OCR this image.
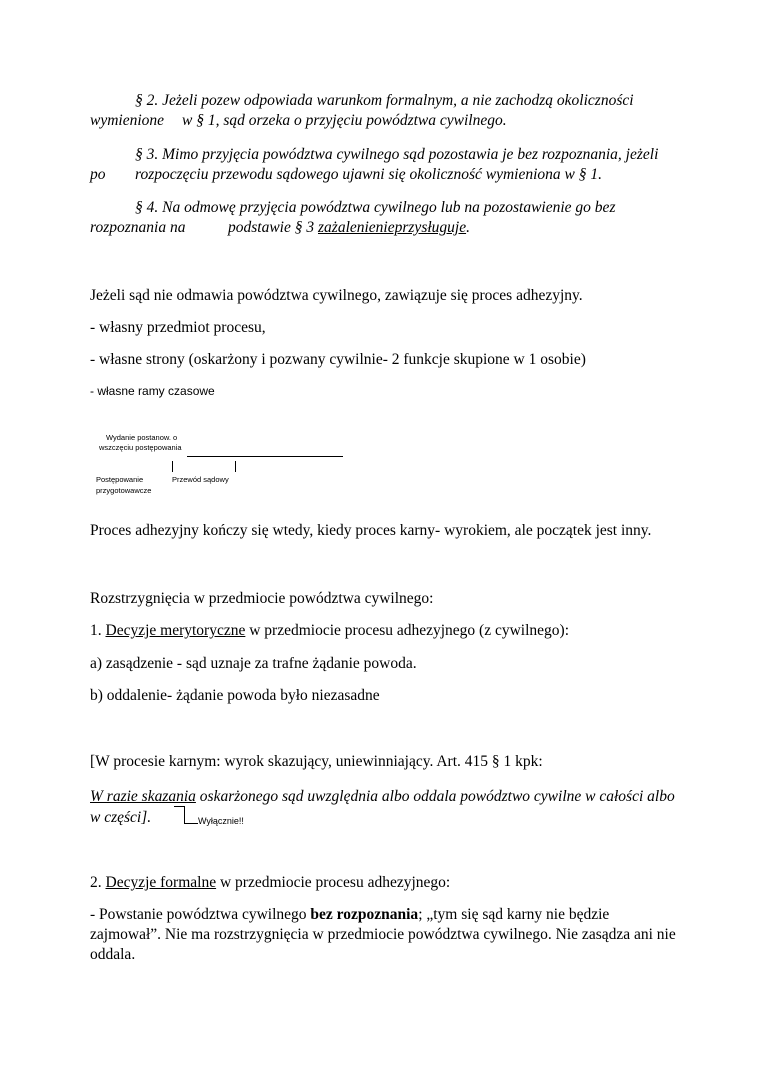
§ 2. Jeżeli pozew odpowiada warunkom formalnym, a nie zachodzą okoliczności
wymienione w § 1, sąd orzeka o przyjęciu powództwa cywilnego.
§ 3. Mimo przyjęcia powództwa cywilnego sąd pozostawia je bez rozpoznania, jeżeli
po rozpoczęciu przewodu sądowego ujawni się okoliczność wymieniona w § 1.
§ 4. Na odmowę przyjęcia powództwa cywilnego lub na pozostawienie go bez
rozpoznania na	podstawie § 3 zażalenieniеprzysługuje.
Jeżeli sąd nie odmawia powództwa cywilnego, zawiązuje się proces adhezyjny.
- własny przedmiot procesu,
- własne strony (oskarżony i pozwany cywilnie- 2 funkcje skupione w 1 osobie)
- własne ramy czasowe
Wydanie postanow. o
wszczęciu postępowania
Postępowanie
przygotowawcze
Przewód sądowy
Proces adhezyjny kończy się wtedy, kiedy proces karny- wyrokiem, ale początek jest inny.
Rozstrzygnięcia w przedmiocie powództwa cywilnego:
1. Decyzje merytoryczne w przedmiocie procesu adhezyjnego (z cywilnego):
a) zasądzenie - sąd uznaje za trafne żądanie powoda.
b) oddalenie- żądanie powoda było niezasadne
[W procesie karnym: wyrok skazujący, uniewinniający. Art. 415 § 1 kpk:
W razie skazania oskarżonego sąd uwzględnia albo oddala powództwo cywilne w całości albo
w części].	Wyłącznie!!
2. Decyzje formalne w przedmiocie procesu adhezyjnego:
- Powstanie powództwa cywilnego bez rozpoznania; „tym się sąd karny nie będzie
zajmował”. Nie ma rozstrzygnięcia w przedmiocie powództwa cywilnego. Nie zasądza ani nie
oddala.
